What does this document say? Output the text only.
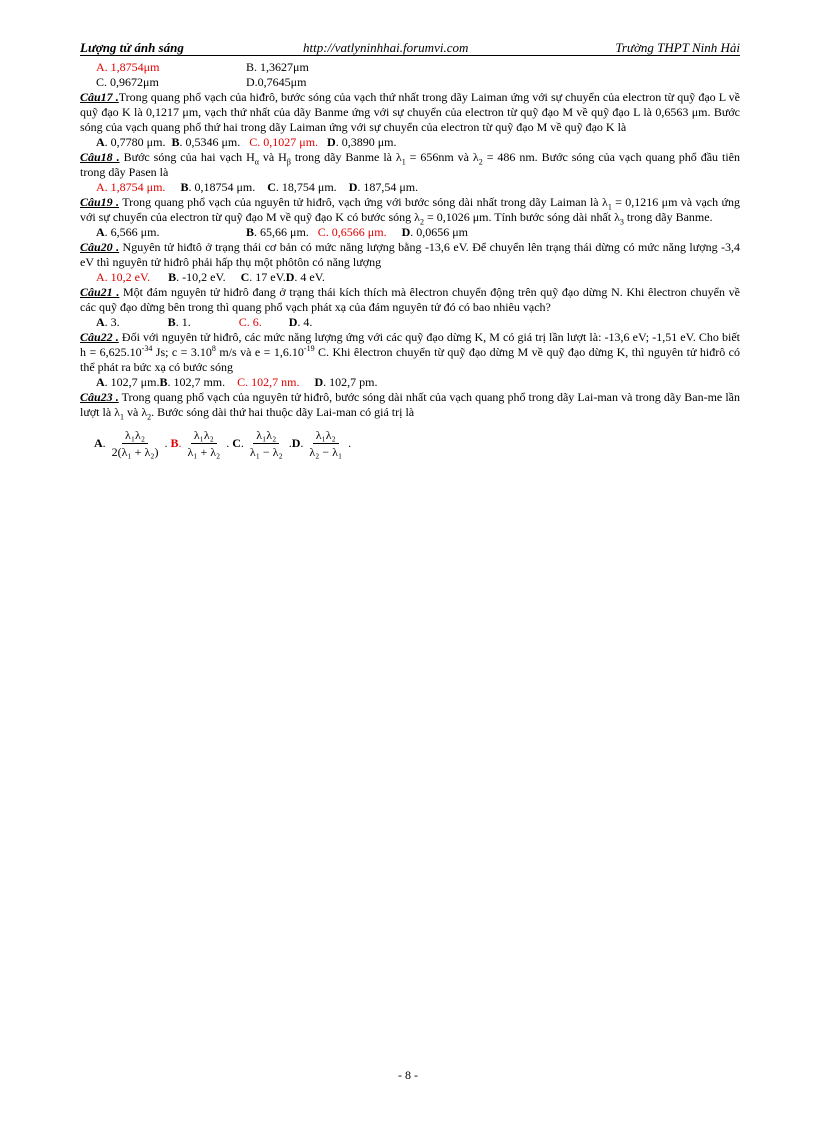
Lượng tử ánh sáng	http://vatlyninhhai.forumvi.com	Trường THPT Ninh Hải
A. 1,8754μm	B. 1,3627μm
C. 0,9672μm	D.0,7645μm

Câu17 .Trong quang phổ vạch của hiđrô, bước sóng của vạch thứ nhất trong dãy Laiman ứng với sự chuyển của electron từ quỹ đạo L về quỹ đạo K là 0,1217 μm, vạch thứ nhất của dãy Banme ứng với sự chuyển của electron từ quỹ đạo M về quỹ đạo L là 0,6563 μm. Bước sóng của vạch quang phổ thứ hai trong dãy Laiman ứng với sự chuyển của electron từ quỹ đạo M về quỹ đạo K là

A. 0,7780 μm. B. 0,5346 μm. C. 0,1027 μm. D. 0,3890 μm.

Câu18 . Bước sóng của hai vạch $H_\alpha$ và $H_\beta$ trong dãy Banme là $\lambda_1 = 656nm$ và $\lambda_2 = 486$ nm. Bước sóng của vạch quang phổ đầu tiên trong dãy Pasen là

A. 1,8754 μm. B. 0,18754 μm. C. 18,754 μm. D. 187,54 μm.

Câu19 . Trong quang phổ vạch của nguyên tử hiđrô, vạch ứng với bước sóng dài nhất trong dãy Laiman là $\lambda_1 = 0,1216$ μm và vạch ứng với sự chuyển của electron từ quỹ đạo M về quỹ đạo K có bước sóng $\lambda_2 = 0,1026$ μm. Tính bước sóng dài nhất $\lambda_3$ trong dãy Banme.

A. 6,566 μm.	B. 65,66 μm. C. 0,6566 μm. D. 0,0656 μm

Câu20 . Nguyên tử hiđtô ở trạng thái cơ bản có mức năng lượng bằng -13,6 eV. Để chuyển lên trạng thái dừng có mức năng lượng -3,4 eV thì nguyên tử hiđrô phải hấp thụ một phôtôn có năng lượng

A. 10,2 eV. B. -10,2 eV. C. 17 eV.D. 4 eV.

Câu21 . Một đám nguyên tử hiđrô đang ở trạng thái kích thích mà êlectron chuyển động trên quỹ đạo dừng N. Khi êlectron chuyển về các quỹ đạo dừng bên trong thì quang phổ vạch phát xạ của đám nguyên tử đó có bao nhiêu vạch?

A. 3.	B. 1.	C. 6. D. 4.

Câu22 . Đối với nguyên tử hiđrô, các mức năng lượng ứng với các quỹ đạo dừng K, M có giá trị lần lượt là: -13,6 eV; -1,51 eV. Cho biết $h = 6,625.10^{-34}$ Js; $c = 3.10^8$ m/s và $e = 1,6.10^{-19}$ C. Khi êlectron chuyển từ quỹ đạo dừng M về quỹ đạo dừng K, thì nguyên tử hiđrô có thể phát ra bức xạ có bước sóng

A. 102,7 μm.B. 102,7 mm. C. 102,7 nm. D. 102,7 pm.

Câu23 . Trong quang phổ vạch của nguyên tử hiđrô, bước sóng dài nhất của vạch quang phổ trong dãy Lai-man và trong dãy Ban-me lần lượt là $\lambda_1$ và $\lambda_2$. Bước sóng dài thứ hai thuộc dãy Lai-man có giá trị là

A . $\frac{\text{λ₁λ₂}}{\text{2(λ₁ + λ₂)}}$ .
B . $\frac{\text{λ₁λ₂}}{\text{λ₁ + λ₂}}$ .
C . $\frac{\text{λ₁λ₂}}{\text{λ₁ − λ₂}}$ . D . $\frac{\text{λ₁λ₂}}{\text{λ₂ − λ₁}}$ .
- 8 -
